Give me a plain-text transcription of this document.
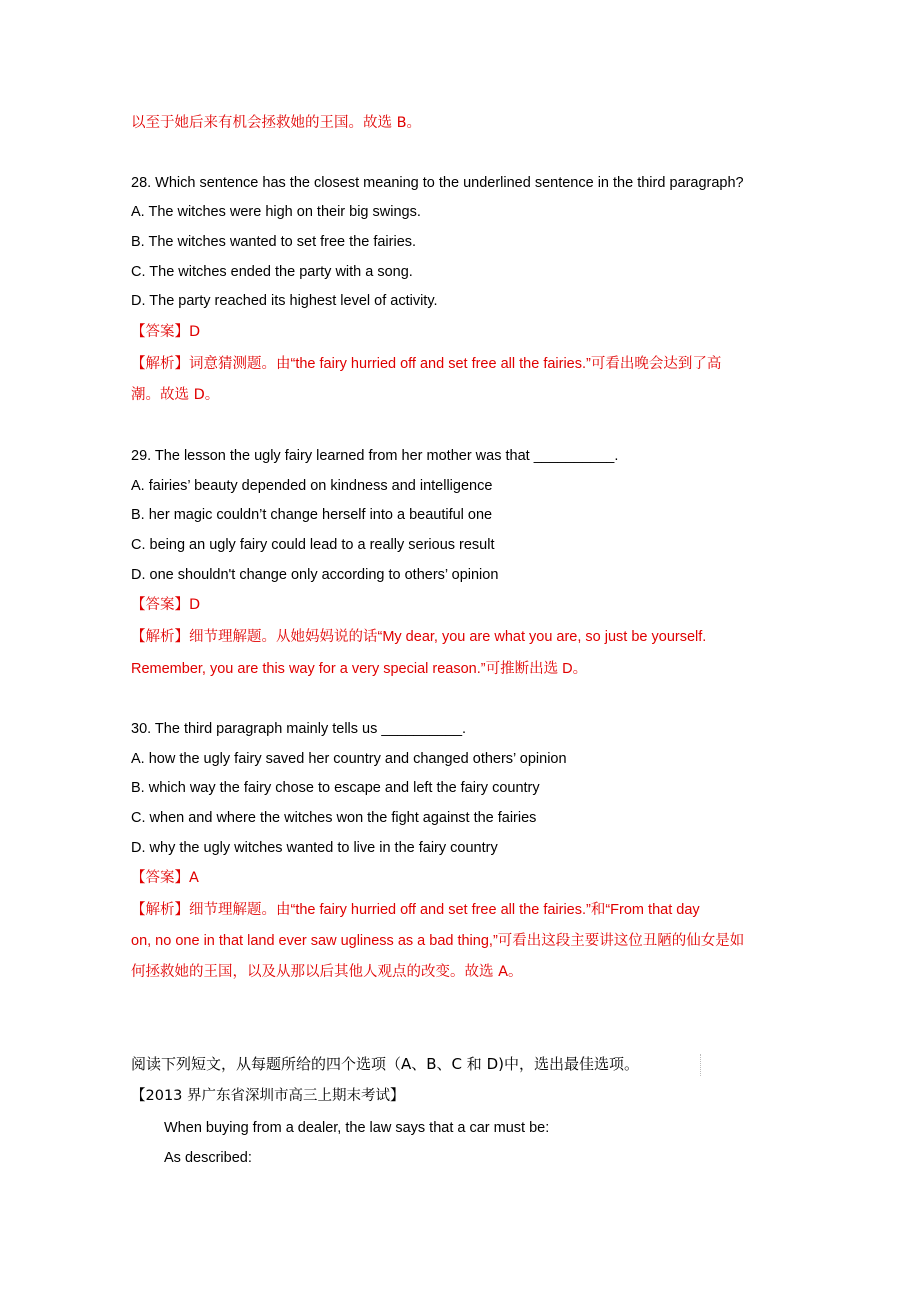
以至于她后来有机会拯救她的王国。故选 B。
28. Which sentence has the closest meaning to the underlined sentence in the third paragraph?
A. The witches were high on their big swings.
B. The witches wanted to set free the fairies.
C. The witches ended the party with a song.
D. The party reached its highest level of activity.
【答案】D
【解析】词意猜测题。由“the fairy hurried off and set free all the fairies.”可看出晚会达到了高
潮。故选 D。
29. The lesson the ugly fairy learned from her mother was that __________.
A. fairies’ beauty depended on kindness and intelligence
B. her magic couldn’t change herself into a beautiful one
C. being an ugly fairy could lead to a really serious result
D. one shouldn't change only according to others’ opinion
【答案】D
【解析】细节理解题。从她妈妈说的话“My dear, you are what you are, so just be yourself.
Remember, you are this way for a very special reason.”可推断出选 D。
30. The third paragraph mainly tells us __________.
A. how the ugly fairy saved her country and changed others’ opinion
B. which way the fairy chose to escape and left the fairy country
C. when and where the witches won the fight against the fairies
D. why the ugly witches wanted to live in the fairy country
【答案】A
【解析】细节理解题。由“the fairy hurried off and set free all the fairies.”和“From that day
on, no one in that land ever saw ugliness as a bad thing,”可看出这段主要讲这位丑陋的仙女是如
何拯救她的王国，以及从那以后其他人观点的改变。故选 A。
阅读下列短文，从每题所给的四个选项（A、B、C 和 D)中，选出最佳选项。
【2013 界广东省深圳市高三上期末考试】
When buying from a dealer, the law says that a car must be:
As described:
